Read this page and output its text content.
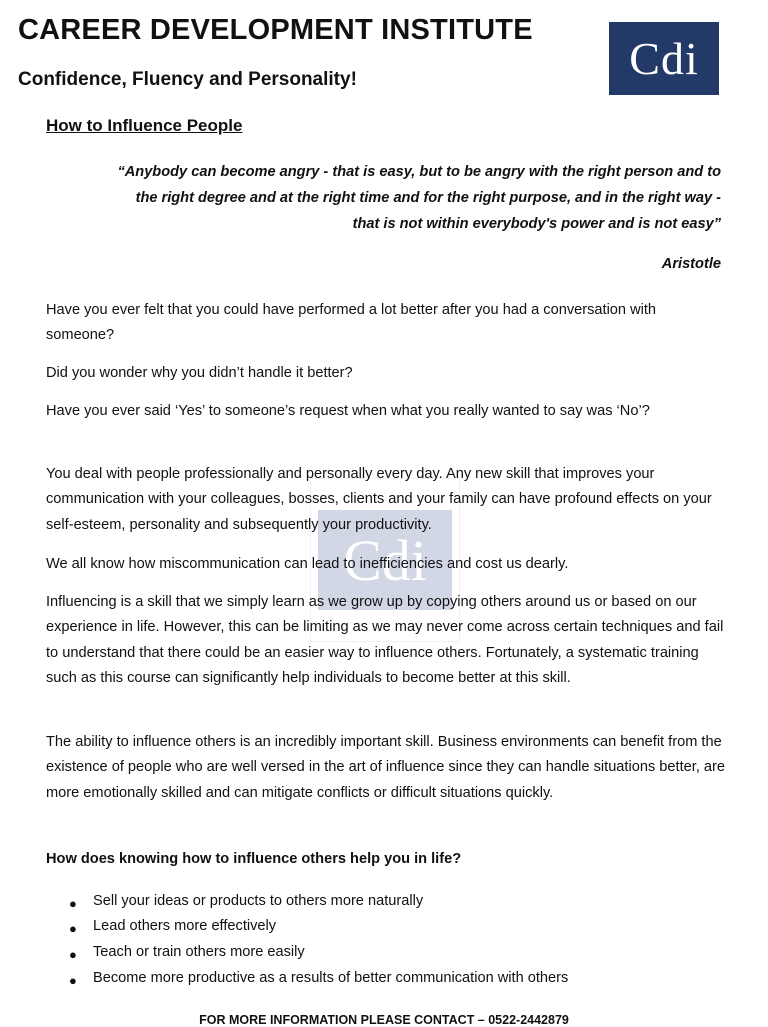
CAREER DEVELOPMENT INSTITUTE
Confidence, Fluency and Personality!	Cdi
Cdi
How to Influence People
“Anybody can become angry - that is easy, but to be angry with the right person and to
the right degree and at the right time and for the right purpose, and in the right way -
that is not within everybody's power and is not easy”
Aristotle
Have you ever felt that you could have performed a lot better after you had a conversation with someone?
Did you wonder why you didn’t handle it better?
Have you ever said ‘Yes’ to someone’s request when what you really wanted to say was ‘No’?
You deal with people professionally and personally every day. Any new skill that improves your communication with your colleagues, bosses, clients and your family can have profound effects on your self-esteem, personality and subsequently your productivity.
We all know how miscommunication can lead to inefficiencies and cost us dearly.
Influencing is a skill that we simply learn as we grow up by copying others around us or based on our experience in life. However, this can be limiting as we may never come across certain techniques and fail to understand that there could be an easier way to influence others. Fortunately, a systematic training such as this course can significantly help individuals to become better at this skill.
The ability to influence others is an incredibly important skill. Business environments can benefit from the existence of people who are well versed in the art of influence since they can handle situations better, are more emotionally skilled and can mitigate conflicts or difficult situations quickly.
How does knowing how to influence others help you in life?
● Sell your ideas or products to others more naturally
● Lead others more effectively
● Teach or train others more easily
● Become more productive as a results of better communication with others
FOR MORE INFORMATION PLEASE CONTACT – 0522-2442879
